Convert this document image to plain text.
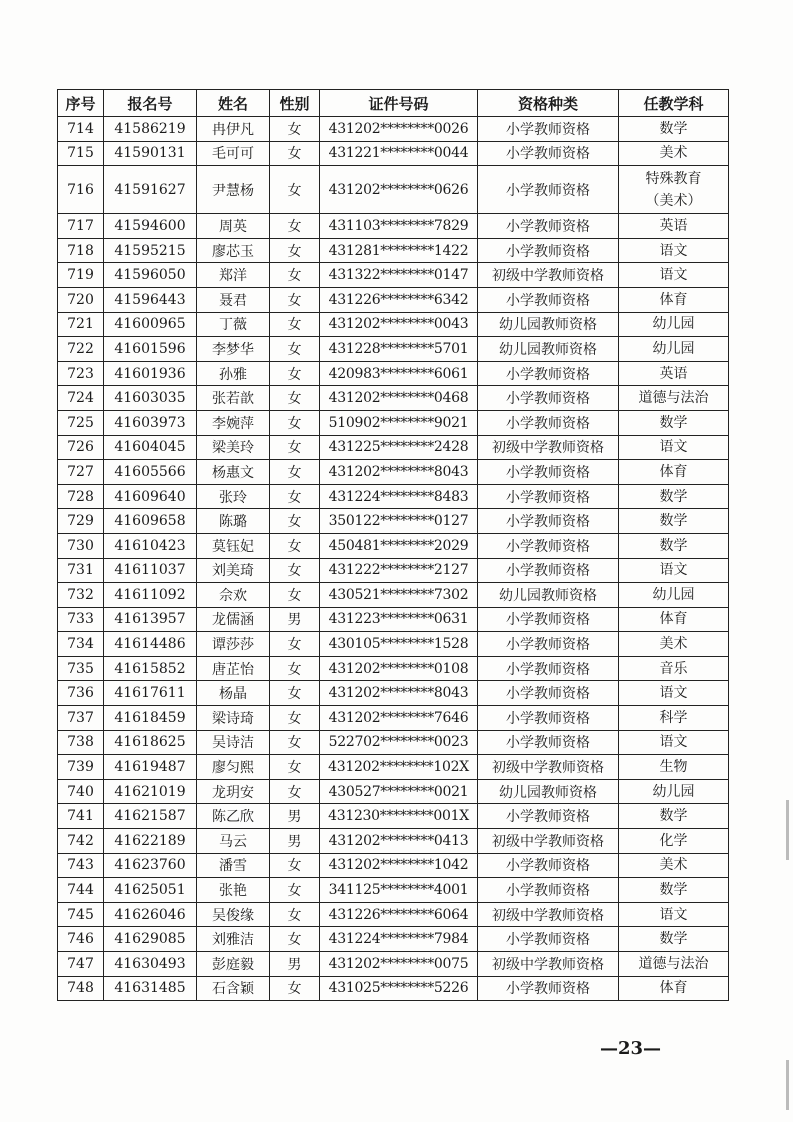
序号	报名号	姓名	性别	证件号码	资格种类	任教学科
714	41586219	冉伊凡	女	431202********0026	小学教师资格	数学
715	41590131	毛可可	女	431221********0044	小学教师资格	美术
716	41591627	尹慧杨	女	431202********0626	小学教师资格	特殊教育
（美术）
717	41594600	周英	女	431103********7829	小学教师资格	英语
718	41595215	廖芯玉	女	431281********1422	小学教师资格	语文
719	41596050	郑洋	女	431322********0147	初级中学教师资格	语文
720	41596443	聂君	女	431226********6342	小学教师资格	体育
721	41600965	丁薇	女	431202********0043	幼儿园教师资格	幼儿园
722	41601596	李梦华	女	431228********5701	幼儿园教师资格	幼儿园
723	41601936	孙雅	女	420983********6061	小学教师资格	英语
724	41603035	张若歆	女	431202********0468	小学教师资格	道德与法治
725	41603973	李婉萍	女	510902********9021	小学教师资格	数学
726	41604045	梁美玲	女	431225********2428	初级中学教师资格	语文
727	41605566	杨惠文	女	431202********8043	小学教师资格	体育
728	41609640	张玲	女	431224********8483	小学教师资格	数学
729	41609658	陈璐	女	350122********0127	小学教师资格	数学
730	41610423	莫钰妃	女	450481********2029	小学教师资格	数学
731	41611037	刘美琦	女	431222********2127	小学教师资格	语文
732	41611092	佘欢	女	430521********7302	幼儿园教师资格	幼儿园
733	41613957	龙儒涵	男	431223********0631	小学教师资格	体育
734	41614486	谭莎莎	女	430105********1528	小学教师资格	美术
735	41615852	唐芷怡	女	431202********0108	小学教师资格	音乐
736	41617611	杨晶	女	431202********8043	小学教师资格	语文
737	41618459	梁诗琦	女	431202********7646	小学教师资格	科学
738	41618625	吴诗洁	女	522702********0023	小学教师资格	语文
739	41619487	廖匀熙	女	431202********102X	初级中学教师资格	生物
740	41621019	龙玥安	女	430527********0021	幼儿园教师资格	幼儿园
741	41621587	陈乙欣	男	431230********001X	小学教师资格	数学
742	41622189	马云	男	431202********0413	初级中学教师资格	化学
743	41623760	潘雪	女	431202********1042	小学教师资格	美术
744	41625051	张艳	女	341125********4001	小学教师资格	数学
745	41626046	吴俊缘	女	431226********6064	初级中学教师资格	语文
746	41629085	刘雅洁	女	431224********7984	小学教师资格	数学
747	41630493	彭庭毅	男	431202********0075	初级中学教师资格	道德与法治
748	41631485	石含颖	女	431025********5226	小学教师资格	体育
—23—
